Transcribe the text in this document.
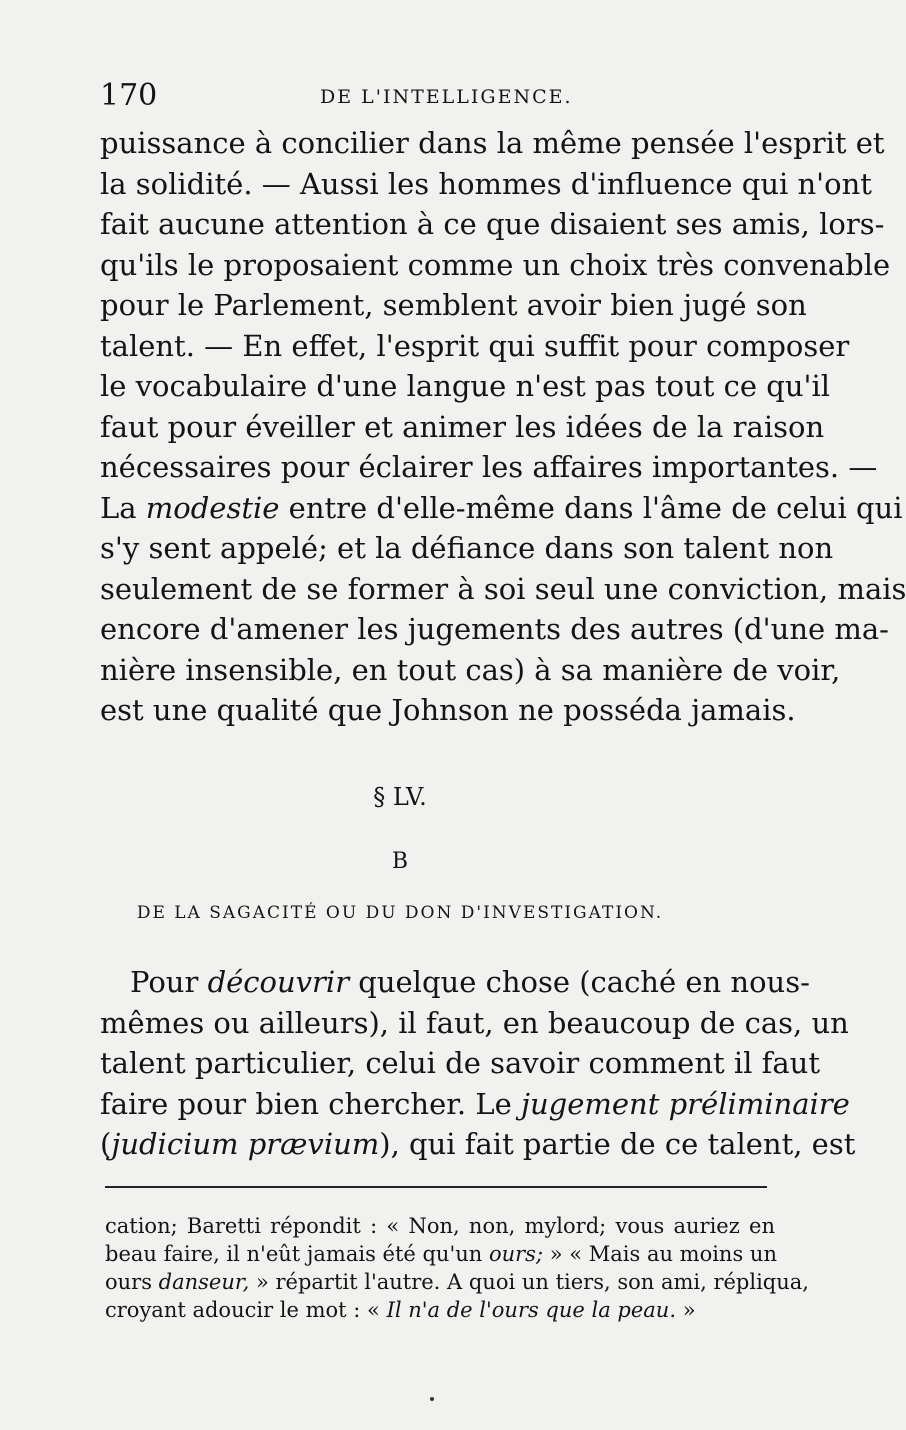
170	DE L'INTELLIGENCE.
puissance à concilier dans la même pensée l'esprit et
la solidité. — Aussi les hommes d'influence qui n'ont
fait aucune attention à ce que disaient ses amis, lors-
qu'ils le proposaient comme un choix très convenable
pour le Parlement, semblent avoir bien jugé son
talent. — En effet, l'esprit qui suffit pour composer
le vocabulaire d'une langue n'est pas tout ce qu'il
faut pour éveiller et animer les idées de la raison
nécessaires pour éclairer les affaires importantes. —
La modestie entre d'elle-même dans l'âme de celui qui
s'y sent appelé; et la défiance dans son talent non
seulement de se former à soi seul une conviction, mais
encore d'amener les jugements des autres (d'une ma-
nière insensible, en tout cas) à sa manière de voir,
est une qualité que Johnson ne posséda jamais.
§ LV.
B
DE LA SAGACITÉ OU DU DON D'INVESTIGATION.
Pour découvrir quelque chose (caché en nous-
mêmes ou ailleurs), il faut, en beaucoup de cas, un
talent particulier, celui de savoir comment il faut
faire pour bien chercher. Le jugement préliminaire
(judicium prævium), qui fait partie de ce talent, est
cation; Baretti répondit : « Non, non, mylord; vous auriez en
beau faire, il n'eût jamais été qu'un ours; » « Mais au moins un
ours danseur, » répartit l'autre. A quoi un tiers, son ami, répliqua,
croyant adoucir le mot : « Il n'a de l'ours que la peau. »
